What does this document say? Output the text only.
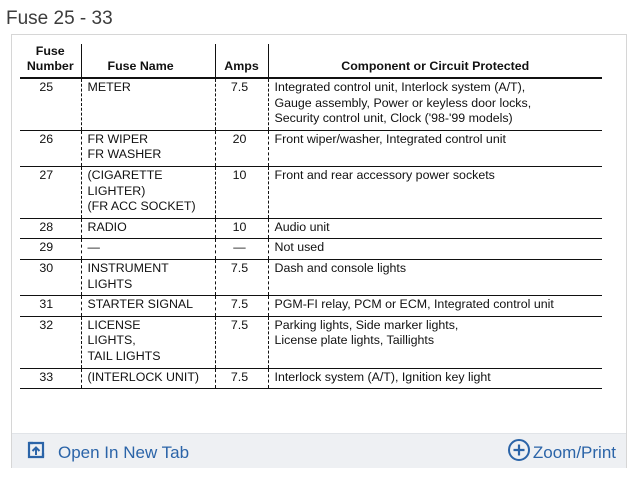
Fuse 25 - 33
Fuse
Number	Fuse Name	Amps	Component or Circuit Protected
25	METER	7.5	Integrated control unit, Interlock system (A/T),
Gauge assembly, Power or keyless door locks,
Security control unit, Clock ('98-'99 models)
26	FR WIPER
FR WASHER	20	Front wiper/washer, Integrated control unit
27	(CIGARETTE
LIGHTER)
(FR ACC SOCKET)	10	Front and rear accessory power sockets
28	RADIO	10	Audio unit
29	—	—	Not used
30	INSTRUMENT
LIGHTS	7.5	Dash and console lights
31	STARTER SIGNAL	7.5	PGM-FI relay, PCM or ECM, Integrated control unit
32	LICENSE
LIGHTS,
TAIL LIGHTS	7.5	Parking lights, Side marker lights,
License plate lights, Taillights
33	(INTERLOCK UNIT)	7.5	Interlock system (A/T), Ignition key light
Open In New Tab	Zoom/Print
